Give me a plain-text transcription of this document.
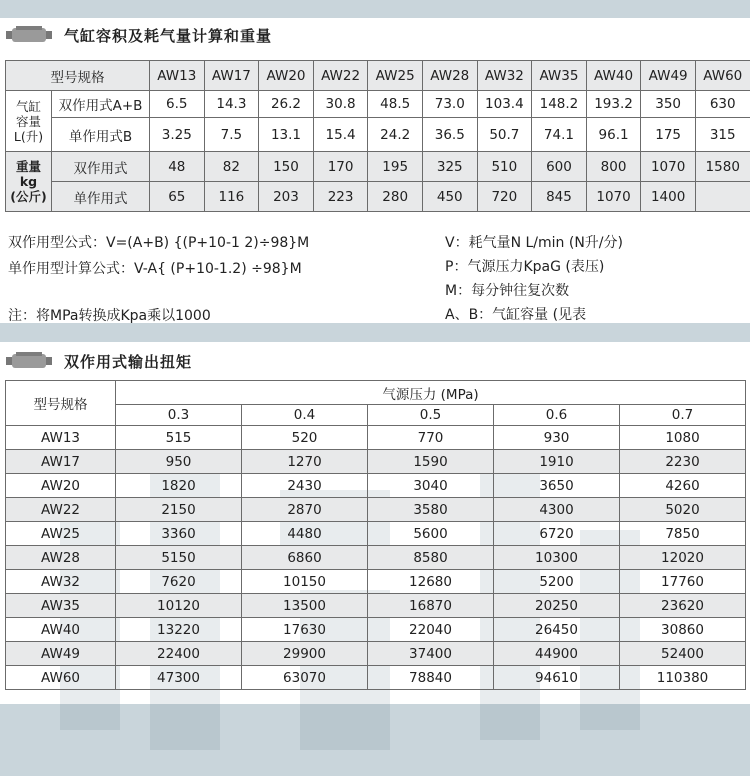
气缸容积及耗气量计算和重量
型号规格		AW13	AW17	AW20	AW22	AW25	AW28	AW32	AW35	AW40	AW49	AW60
气缸
容量
L(升)	双作用式A+B	6.5	14.3	26.2	30.8	48.5	73.0	103.4	148.2	193.2	350	630
	单作用式B	3.25	7.5	13.1	15.4	24.2	36.5	50.7	74.1	96.1	175	315
重量
kg
(公斤)	双作用式	48	82	150	170	195	325	510	600	800	1070	1580
	单作用式	65	116	203	223	280	450	720	845	1070	1400	
双作用型公式：V=(A+B) {(P+10-1 2)÷98}M
单作用型计算公式：V-A{ (P+10-1.2) ÷98}M
注：将MPa转换成Kpa乘以1000
V：耗气量N L/min (N升/分)
P：气源压力KpaG (表压)
M：每分钟往复次数
A、B：气缸容量 (见表
双作用式输出扭矩
型号规格	气源压力 (MPa)				
	0.3	0.4	0.5	0.6	0.7
AW13	515	520	770	930	1080
AW17	950	1270	1590	1910	2230
AW20	1820	2430	3040	3650	4260
AW22	2150	2870	3580	4300	5020
AW25	3360	4480	5600	6720	7850
AW28	5150	6860	8580	10300	12020
AW32	7620	10150	12680	5200	17760
AW35	10120	13500	16870	20250	23620
AW40	13220	17630	22040	26450	30860
AW49	22400	29900	37400	44900	52400
AW60	47300	63070	78840	94610	110380
